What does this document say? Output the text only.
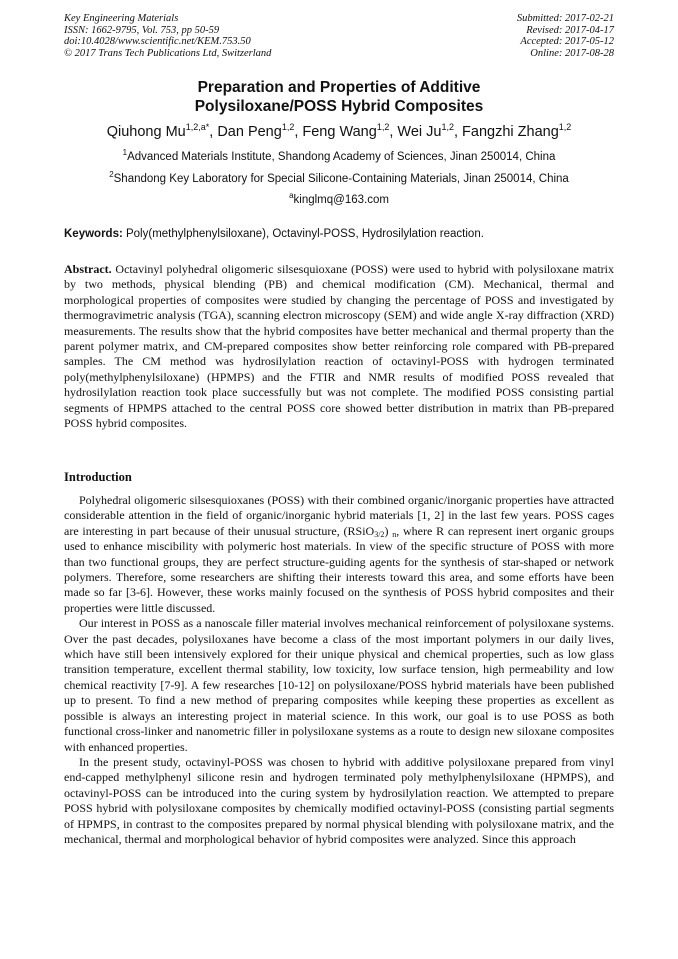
Key Engineering Materials
ISSN: 1662-9795, Vol. 753, pp 50-59
doi:10.4028/www.scientific.net/KEM.753.50
© 2017 Trans Tech Publications Ltd, Switzerland
Submitted: 2017-02-21
Revised: 2017-04-17
Accepted: 2017-05-12
Online: 2017-08-28
Preparation and Properties of Additive
Polysiloxane/POSS Hybrid Composites
Qiuhong $Mu^{1,2,a*}$, Dan Peng$^{1,2}$, Feng Wang$^{1,2}$, Wei Ju$^{1,2}$, Fangzhi Zhang$^{1,2}$
$^1$Advanced Materials Institute, Shandong Academy of Sciences, Jinan 250014, China
$^2$Shandong Key Laboratory for Special Silicone-Containing Materials, Jinan 250014, China
$^a$kinglmq@163.com
Keywords: Poly(methylphenylsiloxane), Octavinyl-POSS, Hydrosilylation reaction.

Abstract. Octavinyl polyhedral oligomeric silsesquioxane (POSS) were used to hybrid with polysiloxane matrix by two methods, physical blending (PB) and chemical modification (CM). Mechanical, thermal and morphological properties of composites were studied by changing the percentage of POSS and investigated by thermogravimetric analysis (TGA), scanning electron microscopy (SEM) and wide angle X-ray diffraction (XRD) measurements. The results show that the hybrid composites have better mechanical and thermal property than the parent polymer matrix, and CM-prepared composites show better reinforcing role compared with PB-prepared samples. The CM method was hydrosilylation reaction of octavinyl-POSS with hydrogen terminated poly(methylphenylsiloxane) (HPMPS) and the FTIR and NMR results of modified POSS revealed that hydrosilylation reaction took place successfully but was not complete. The modified POSS consisting partial segments of HPMPS attached to the central POSS core showed better distribution in matrix than PB-prepared POSS hybrid composites.

Introduction

Polyhedral oligomeric silsesquioxanes (POSS) with their combined organic/inorganic properties have attracted considerable attention in the field of organic/inorganic hybrid materials [1, 2] in the last few years. POSS cages are interesting in part because of their unusual structure, (RSiO$_{3/2}$) $_n$, where R can represent inert organic groups used to enhance miscibility with polymeric host materials. In view of the specific structure of POSS with more than two functional groups, they are perfect structure-guiding agents for the synthesis of star-shaped or network polymers. Therefore, some researchers are shifting their interests toward this area, and some efforts have been made so far [3-6]. However, these works mainly focused on the synthesis of POSS hybrid composites and their properties were little discussed.

Our interest in POSS as a nanoscale filler material involves mechanical reinforcement of polysiloxane systems. Over the past decades, polysiloxanes have become a class of the most important polymers in our daily lives, which have still been intensively explored for their unique physical and chemical properties, such as low glass transition temperature, excellent thermal stability, low toxicity, low surface tension, high permeability and low chemical reactivity [7-9]. A few researches [10-12] on polysiloxane/POSS hybrid materials have been published up to present. To find a new method of preparing composites while keeping these properties as excellent as possible is always an interesting project in material science. In this work, our goal is to use POSS as both functional cross-linker and nanometric filler in polysiloxane systems as a route to design new siloxane composites with enhanced properties.

In the present study, octavinyl-POSS was chosen to hybrid with additive polysiloxane prepared from vinyl end-capped methylphenyl silicone resin and hydrogen terminated poly methylphenylsiloxane (HPMPS), and octavinyl-POSS can be introduced into the curing system by hydrosilylation reaction. We attempted to prepare POSS hybrid with polysiloxane composites by chemically modified octavinyl-POSS (consisting partial segments of HPMPS, in contrast to the composites prepared by normal physical blending with polysiloxane matrix, and the mechanical, thermal and morphological behavior of hybrid composites were analyzed. Since this approach
